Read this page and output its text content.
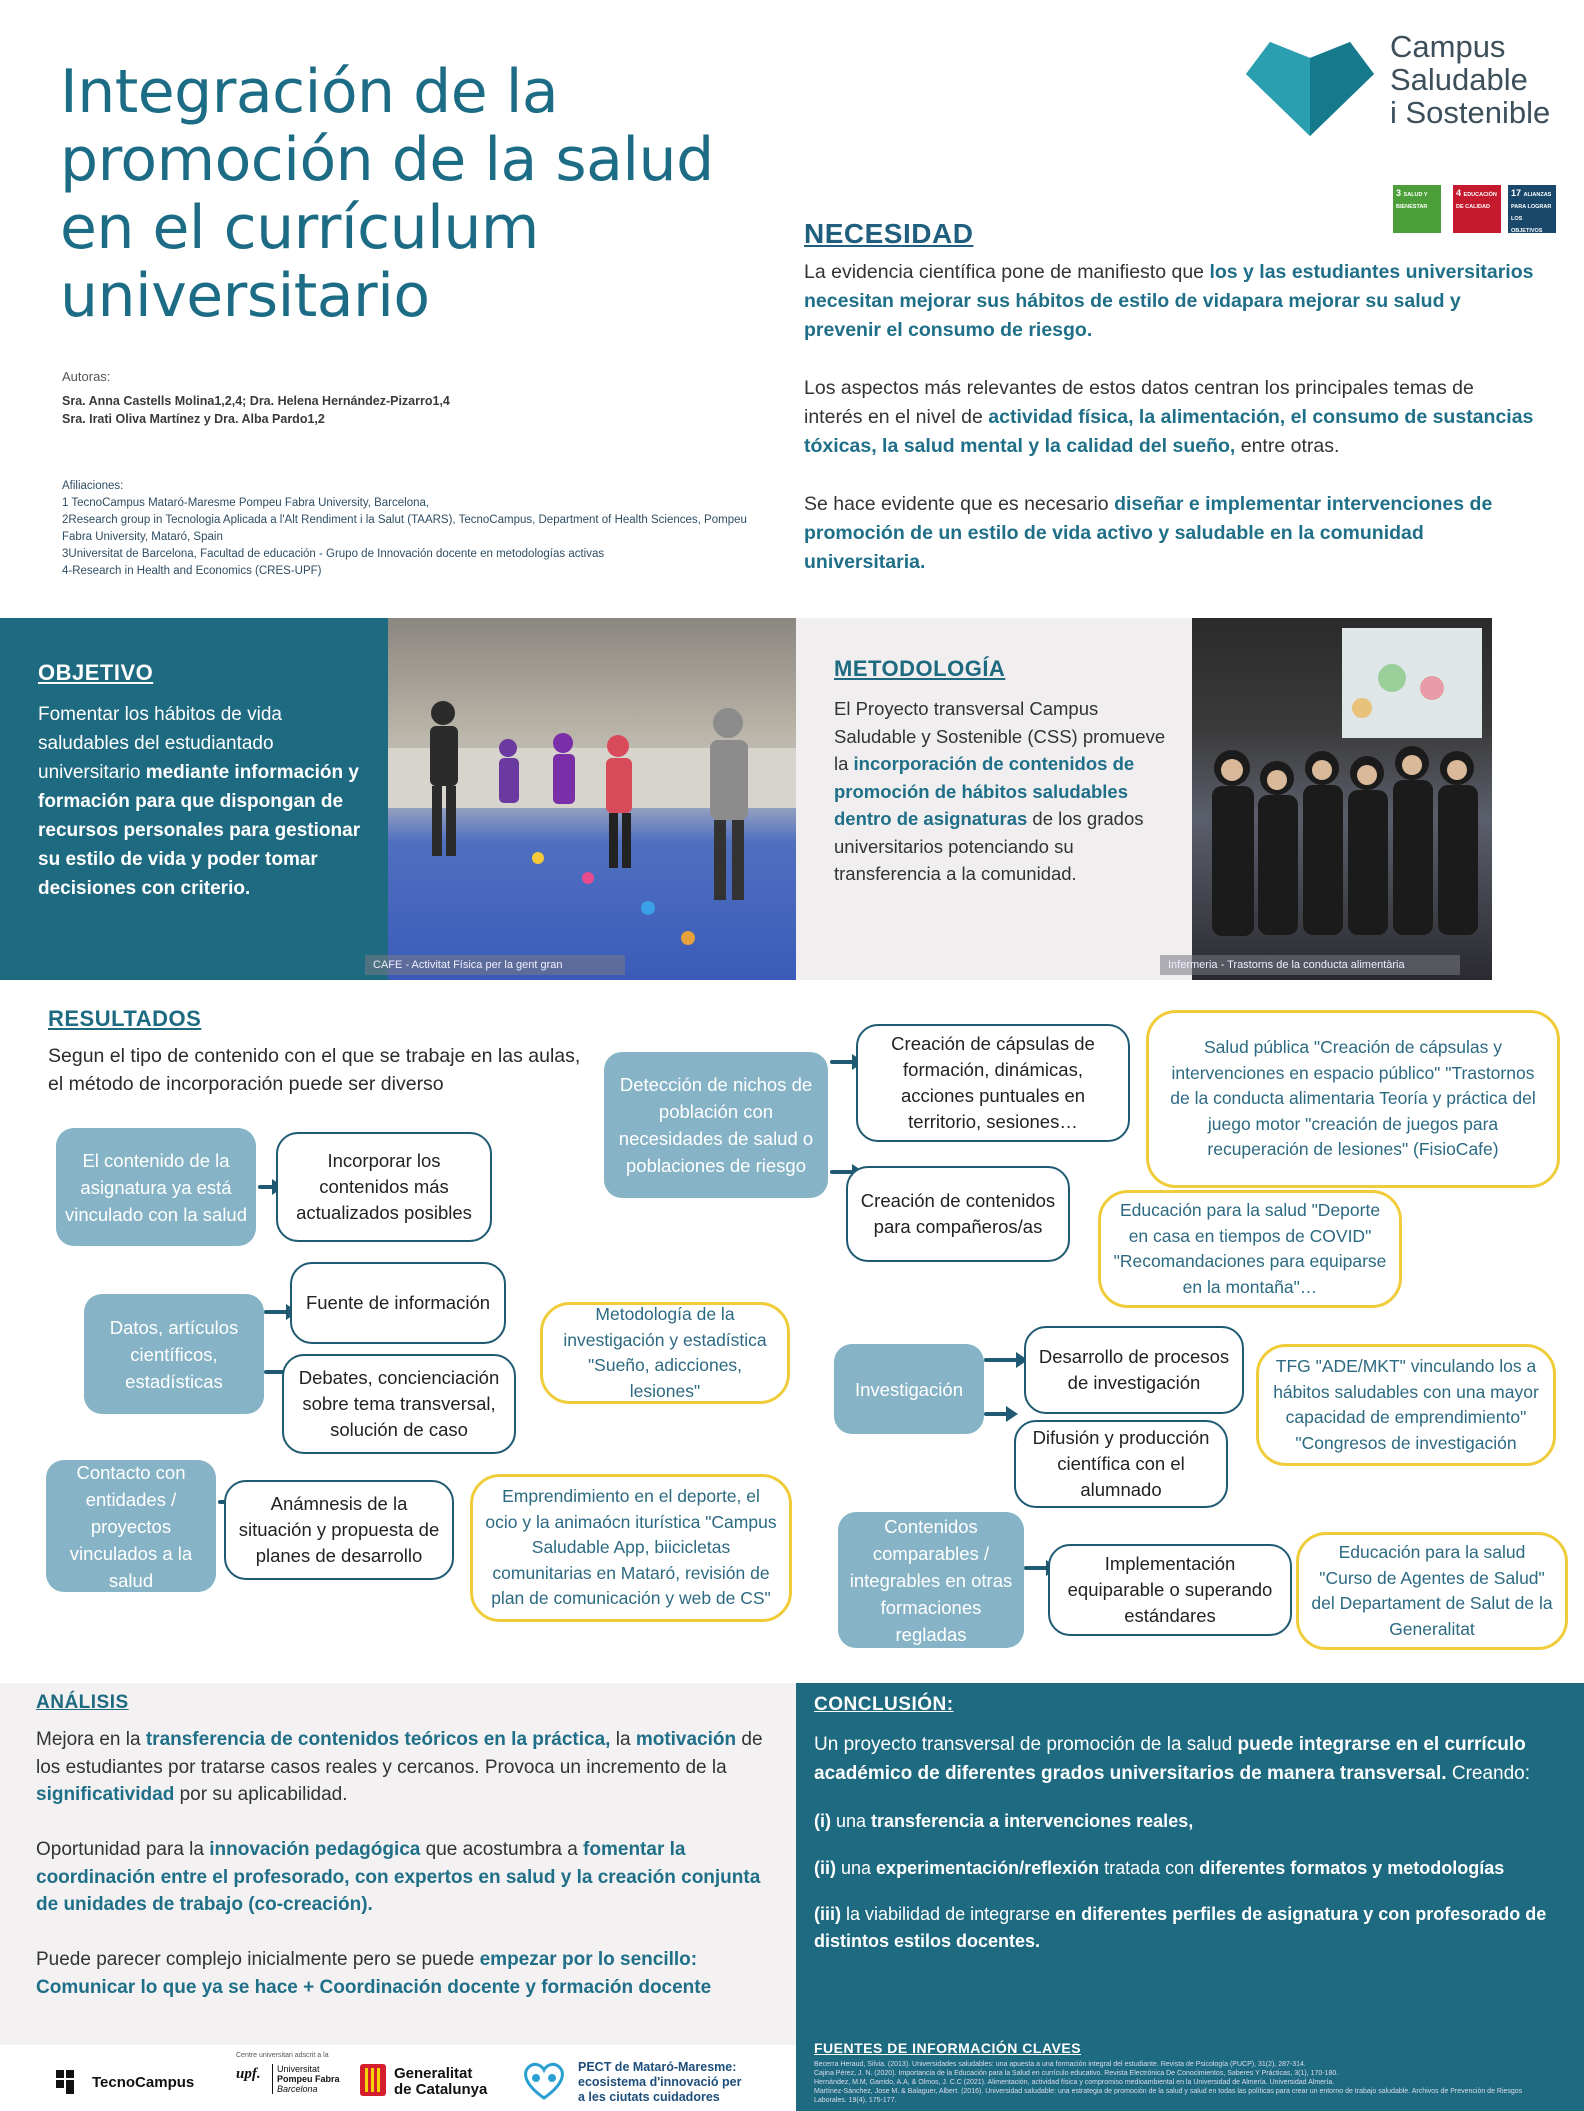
Integración de la promoción de la salud en el currículum universitario
Autoras:
Sra. Anna Castells Molina1,2,4; Dra. Helena Hernández-Pizarro1,4
Sra. Irati Oliva Martínez y Dra. Alba Pardo1,2
Afiliaciones:
1 TecnoCampus Mataró-Maresme Pompeu Fabra University, Barcelona,
2Research group in Tecnologia Aplicada a l'Alt Rendiment i la Salut (TAARS), TecnoCampus, Department of Health Sciences, Pompeu Fabra University, Mataró, Spain
3Universitat de Barcelona, Facultad de educación - Grupo de Innovación docente en metodologías activas
4-Research in Health and Economics (CRES-UPF)
Campus
Saludable
i Sostenible
3 SALUD Y BIENESTAR
4 EDUCACIÓN DE CALIDAD
17 ALIANZAS PARA LOGRAR LOS OBJETIVOS
NECESIDAD

La evidencia científica pone de manifiesto que los y las estudiantes universitarios necesitan mejorar sus hábitos de estilo de vidapara mejorar su salud y prevenir el consumo de riesgo.

Los aspectos más relevantes de estos datos centran los principales temas de interés en el nivel de actividad física, la alimentación, el consumo de sustancias tóxicas, la salud mental y la calidad del sueño, entre otras.

Se hace evidente que es necesario diseñar e implementar intervenciones de promoción de un estilo de vida activo y saludable en la comunidad universitaria.

OBJETIVO
Fomentar los hábitos de vida saludables del estudiantado universitario mediante información y formación para que dispongan de recursos personales para gestionar su estilo de vida y poder tomar decisiones con criterio.
CAFE - Activitat Física per la gent gran
METODOLOGÍA
El Proyecto transversal Campus Saludable y Sostenible (CSS) promueve la incorporación de contenidos de promoción de hábitos saludables dentro de asignaturas de los grados universitarios potenciando su transferencia a la comunidad.
Infermeria - Trastorns de la conducta alimentària
RESULTADOS
Segun el tipo de contenido con el que se trabaje en las aulas, el método de incorporación puede ser diverso
El contenido de la asignatura ya está vinculado con la salud
Incorporar los contenidos más actualizados posibles
Datos, artículos científicos, estadísticas
Fuente de información
Debates, concienciación sobre tema transversal, solución de caso
Metodología de la investigación y estadística "Sueño, adicciones, lesiones"
Contacto con entidades / proyectos vinculados a la salud
Anámnesis de la situación y propuesta de planes de desarrollo
Emprendimiento en el deporte, el ocio y la animaócn iturística "Campus Saludable App, biicicletas comunitarias en Mataró, revisión de plan de comunicación y web de CS"
Detección de nichos de población con necesidades de salud o poblaciones de riesgo
Creación de cápsulas de formación, dinámicas, acciones puntuales en territorio, sesiones…
Creación de contenidos para compañeros/as
Salud pública "Creación de cápsulas y intervenciones en espacio público" "Trastornos de la conducta alimentaria Teoría y práctica del juego motor "creación de juegos para recuperación de lesiones" (FisioCafe)
Educación para la salud "Deporte en casa en tiempos de COVID" "Recomandaciones para equiparse en la montaña"…
Investigación
Desarrollo de procesos de investigación
Difusión y producción científica con el alumnado
TFG "ADE/MKT" vinculando los a hábitos saludables con una mayor capacidad de emprendimiento" "Congresos de investigación
Contenidos comparables / integrables en otras formaciones regladas
Implementación equiparable o superando estándares
Educación para la salud "Curso de Agentes de Salud" del Departament de Salut de la Generalitat
ANÁLISIS

Mejora en la transferencia de contenidos teóricos en la práctica, la motivación de los estudiantes por tratarse casos reales y cercanos. Provoca un incremento de la significatividad por su aplicabilidad.

Oportunidad para la innovación pedagógica que acostumbra a fomentar la coordinación entre el profesorado, con expertos en salud y la creación conjunta de unidades de trabajo (co-creación).

Puede parecer complejo inicialmente pero se puede empezar por lo sencillo: Comunicar lo que ya se hace + Coordinación docente y formación docente

CONCLUSIÓN:

Un proyecto transversal de promoción de la salud puede integrarse en el currículo académico de diferentes grados universitarios de manera transversal. Creando:

(i) una transferencia a intervenciones reales,

(ii) una experimentación/reflexión tratada con diferentes formatos y metodologías

(iii) la viabilidad de integrarse en diferentes perfiles de asignatura y con profesorado de distintos estilos docentes.

FUENTES DE INFORMACIÓN CLAVES
Becerra Heraud, Silvia. (2013). Universidades saludables: una apuesta a una formación integral del estudiante. Revista de Psicología (PUCP), 31(2), 287-314.
Cajina Pérez, J. N. (2020). Importancia de la Educación para la Salud en currículo educativo. Revista Electrónica De Conocimientos, Saberes Y Prácticas, 3(1), 170-180.
Hernández, M.M, Garrido, A.A, & Olmos, J. C.C (2021). Alimentación, actividad física y compromiso medioambiental en la Universidad de Almería. Universidad Almería.
Martínez-Sánchez, Jose M. & Balaguer, Albert. (2016). Universidad saludable: una estrategia de promoción de la salud y salud en todas las políticas para crear un entorno de trabajo saludable. Archivos de Prevención de Riesgos Laborales. 19(4), 175-177.
TecnoCampus
Centre universitari adscrit a la
upf. Universitat
Pompeu Fabra
Barcelona
Generalitat
de Catalunya
PECT de Mataró-Maresme:
ecosistema d'innovació per
a les ciutats cuidadores
